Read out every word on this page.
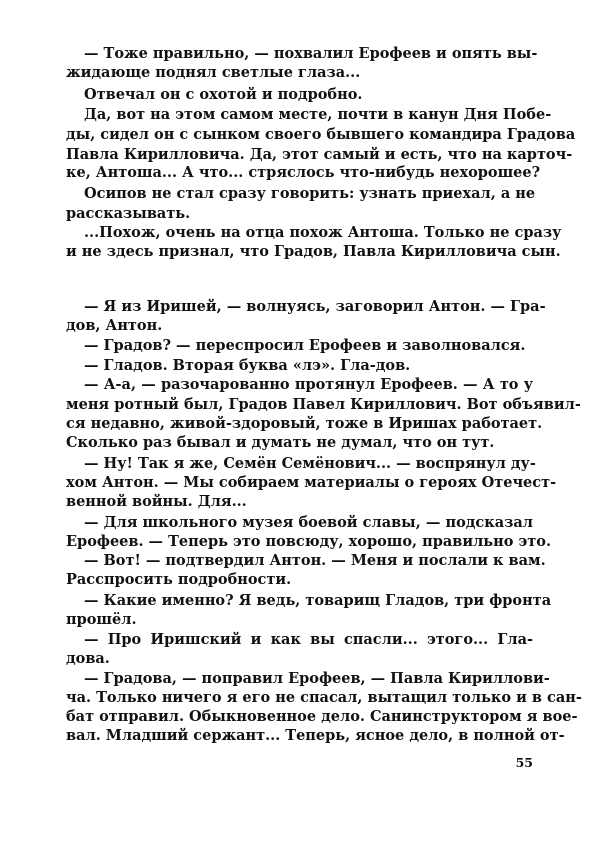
— Тоже правильно, — похвалил Ерофеев и опять вы-
жидающе поднял светлые глаза...
Отвечал он с охотой и подробно.
Да, вот на этом самом месте, почти в канун Дня Побе-
ды, сидел он с сынком своего бывшего командира Градова
Павла Кирилловича. Да, этот самый и есть, что на карточ-
ке, Антоша... А что... стряслось что-нибудь нехорошее?
Осипов не стал сразу говорить: узнать приехал, а не
рассказывать.
...Похож, очень на отца похож Антоша. Только не сразу
и не здесь признал, что Градов, Павла Кирилловича сын.
— Я из Иришей, — волнуясь, заговорил Антон. — Гра-
дов, Антон.
— Градов? — переспросил Ерофеев и заволновался.
— Гладов. Вторая буква «лэ». Гла-дов.
— А-а, — разочарованно протянул Ерофеев. — А то у
меня ротный был, Градов Павел Кириллович. Вот объявил-
ся недавно, живой-здоровый, тоже в Иришах работает.
Сколько раз бывал и думать не думал, что он тут.
— Ну! Так я же, Семён Семёнович... — воспрянул ду-
хом Антон. — Мы собираем материалы о героях Отечест-
венной войны. Для...
— Для школьного музея боевой славы, — подсказал
Ерофеев. — Теперь это повсюду, хорошо, правильно это.
— Вот! — подтвердил Антон. — Меня и послали к вам.
Расспросить подробности.
— Какие именно? Я ведь, товарищ Гладов, три фронта
прошёл.
— Про Иришский и как вы спасли... этого... Гла-
дова.
— Градова, — поправил Ерофеев, — Павла Кириллови-
ча. Только ничего я его не спасал, вытащил только и в сан-
бат отправил. Обыкновенное дело. Санинструктором я вое-
вал. Младший сержант... Теперь, ясное дело, в полной от-
55
